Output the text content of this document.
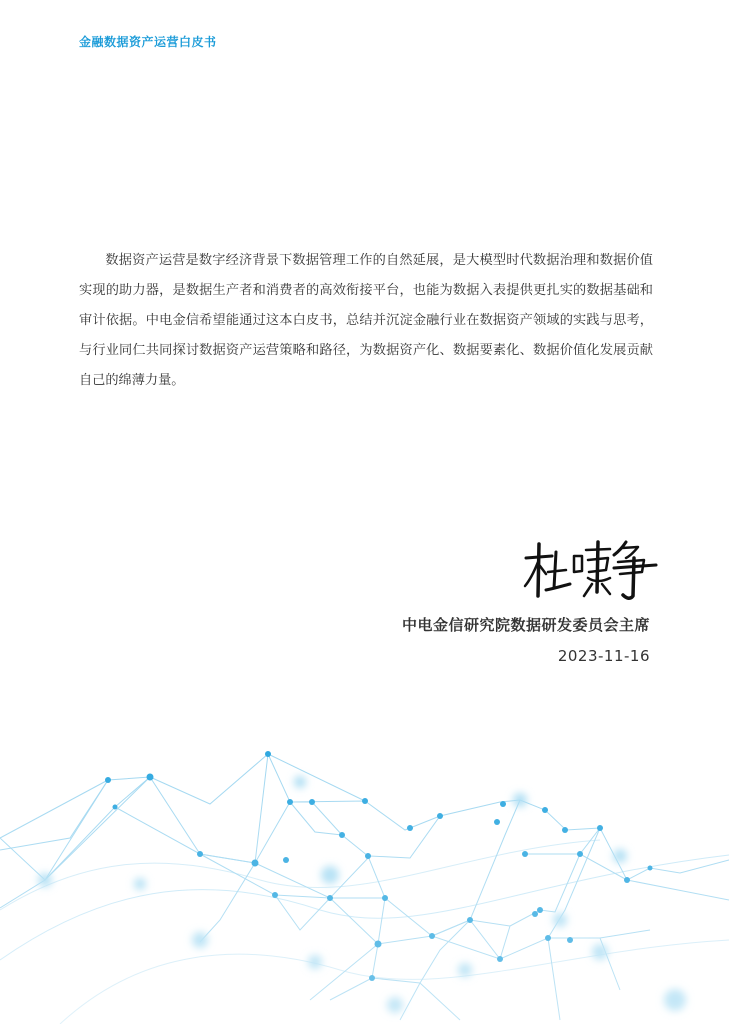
金融数据资产运营白皮书

数据资产运营是数字经济背景下数据管理工作的自然延展，是大模型时代数据治理和数据价值实现的助力器，是数据生产者和消费者的高效衔接平台，也能为数据入表提供更扎实的数据基础和审计依据。中电金信希望能通过这本白皮书，总结并沉淀金融行业在数据资产领域的实践与思考，与行业同仁共同探讨数据资产运营策略和路径，为数据资产化、数据要素化、数据价值化发展贡献自己的绵薄力量。

中电金信研究院数据研发委员会主席
2023-11-16
